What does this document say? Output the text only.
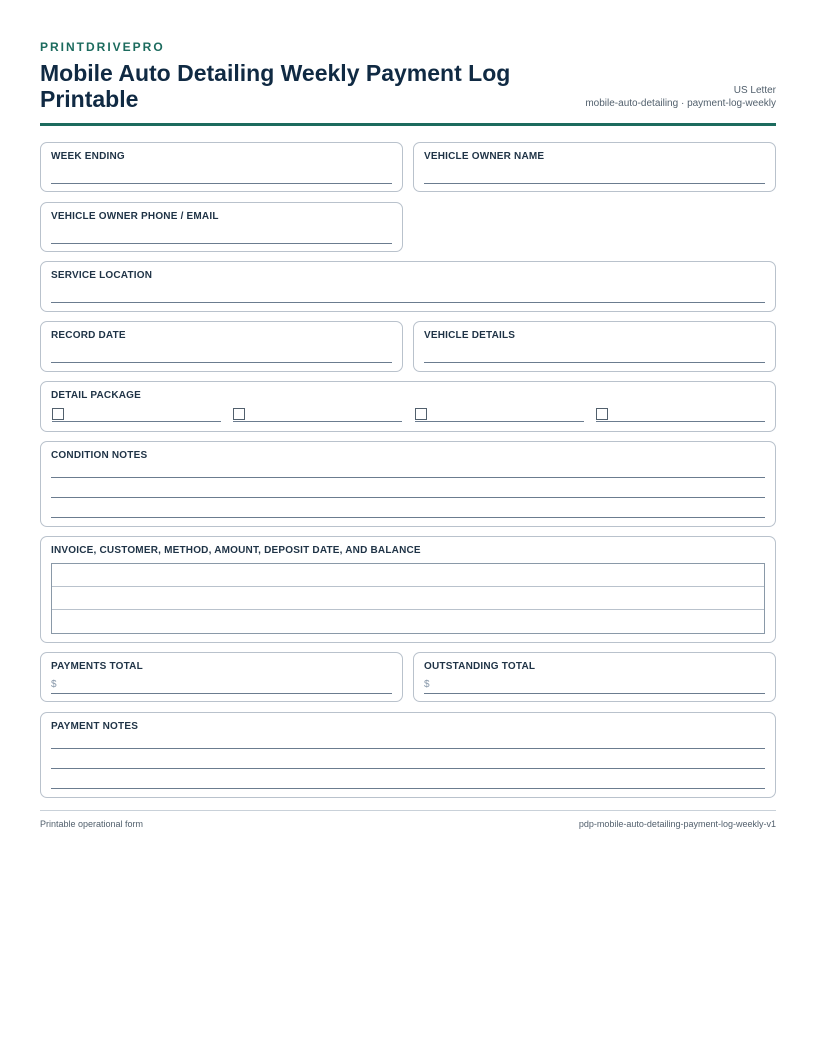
PRINTDRIVEPRO
Mobile Auto Detailing Weekly Payment Log Printable	US Letter
mobile-auto-detailing · payment-log-weekly
WEEK ENDING	VEHICLE OWNER NAME
VEHICLE OWNER PHONE / EMAIL
SERVICE LOCATION
RECORD DATE	VEHICLE DETAILS
DETAIL PACKAGE
CONDITION NOTES
INVOICE, CUSTOMER, METHOD, AMOUNT, DEPOSIT DATE, AND BALANCE
PAYMENTS TOTAL
$
OUTSTANDING TOTAL
$
PAYMENT NOTES
Printable operational form	pdp-mobile-auto-detailing-payment-log-weekly-v1
